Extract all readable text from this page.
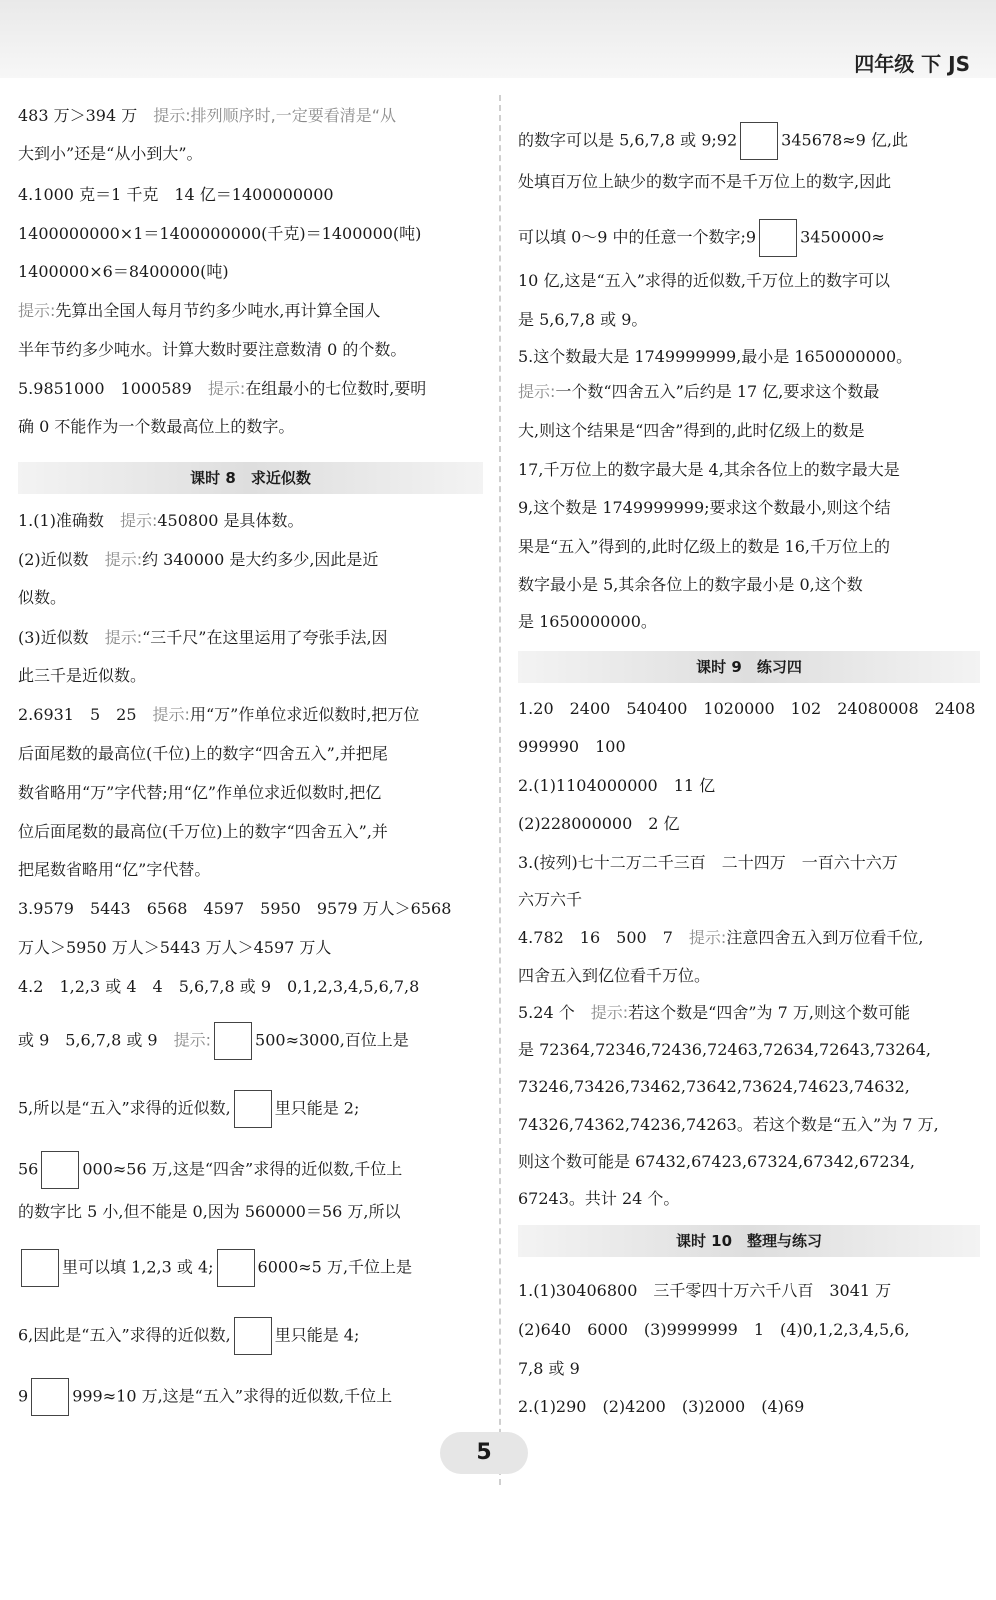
四年级 下 JS
483 万＞394 万　 提示:排列顺序时,一定要看清是“从
大到小”还是“从小到大”。
4.1000 克＝1 千克　14 亿＝1400000000
1400000000×1＝1400000000(千克)＝1400000(吨)
1400000×6＝8400000(吨)
提示:先算出全国人每月节约多少吨水,再计算全国人
半年节约多少吨水。计算大数时要注意数清 0 的个数。
5.9851000　1000589　 提示:在组最小的七位数时,要明
确 0 不能作为一个数最高位上的数字。
课时 8　求近似数
1.(1)准确数　 提示:450800 是具体数。
(2)近似数　 提示:约 340000 是大约多少,因此是近
似数。
(3)近似数　 提示:“三千尺”在这里运用了夸张手法,因
此三千是近似数。
2.6931　5　25　 提示:用“万”作单位求近似数时,把万位
后面尾数的最高位(千位)上的数字“四舍五入”,并把尾
数省略用“万”字代替;用“亿”作单位求近似数时,把亿
位后面尾数的最高位(千万位)上的数字“四舍五入”,并
把尾数省略用“亿”字代替。
3.9579　5443　6568　4597　5950　9579 万人＞6568
万人＞5950 万人＞5443 万人＞4597 万人
4.2　1,2,3 或 4　4　5,6,7,8 或 9　0,1,2,3,4,5,6,7,8
或 9　5,6,7,8 或 9　 提示:	500≈3000,百位上是
5,所以是“五入”求得的近似数,	里只能是 2;
56	000≈56 万,这是“四舍”求得的近似数,千位上
的数字比 5 小,但不能是 0,因为 560000＝56 万,所以
里可以填 1,2,3 或 4;	6000≈5 万,千位上是
6,因此是“五入”求得的近似数,	里只能是 4;
9	999≈10 万,这是“五入”求得的近似数,千位上
的数字可以是 5,6,7,8 或 9;92	345678≈9 亿,此
处填百万位上缺少的数字而不是千万位上的数字,因此
可以填 0～9 中的任意一个数字;9	3450000≈
10 亿,这是“五入”求得的近似数,千万位上的数字可以
是 5,6,7,8 或 9。
5.这个数最大是 1749999999,最小是 1650000000。
提示:一个数“四舍五入”后约是 17 亿,要求这个数最
大,则这个结果是“四舍”得到的,此时亿级上的数是
17,千万位上的数字最大是 4,其余各位上的数字最大是
9,这个数是 1749999999;要求这个数最小,则这个结
果是“五入”得到的,此时亿级上的数是 16,千万位上的
数字最小是 5,其余各位上的数字最小是 0,这个数
是 1650000000。
课时 9　练习四
1.20　2400　540400　1020000　102　24080008　2408
999990　100
2.(1)1104000000　11 亿
(2)228000000　2 亿
3.(按列)七十二万二千三百　二十四万　一百六十六万
六万六千
4.782　16　500　7　 提示:注意四舍五入到万位看千位,
四舍五入到亿位看千万位。
5.24 个　 提示:若这个数是“四舍”为 7 万,则这个数可能
是 72364,72346,72436,72463,72634,72643,73264,
73246,73426,73462,73642,73624,74623,74632,
74326,74362,74236,74263。若这个数是“五入”为 7 万,
则这个数可能是 67432,67423,67324,67342,67234,
67243。共计 24 个。
课时 10　整理与练习
1.(1)30406800　三千零四十万六千八百　3041 万
(2)640　6000　(3)9999999　1　(4)0,1,2,3,4,5,6,
7,8 或 9
2.(1)290　(2)4200　(3)2000　(4)69
5
